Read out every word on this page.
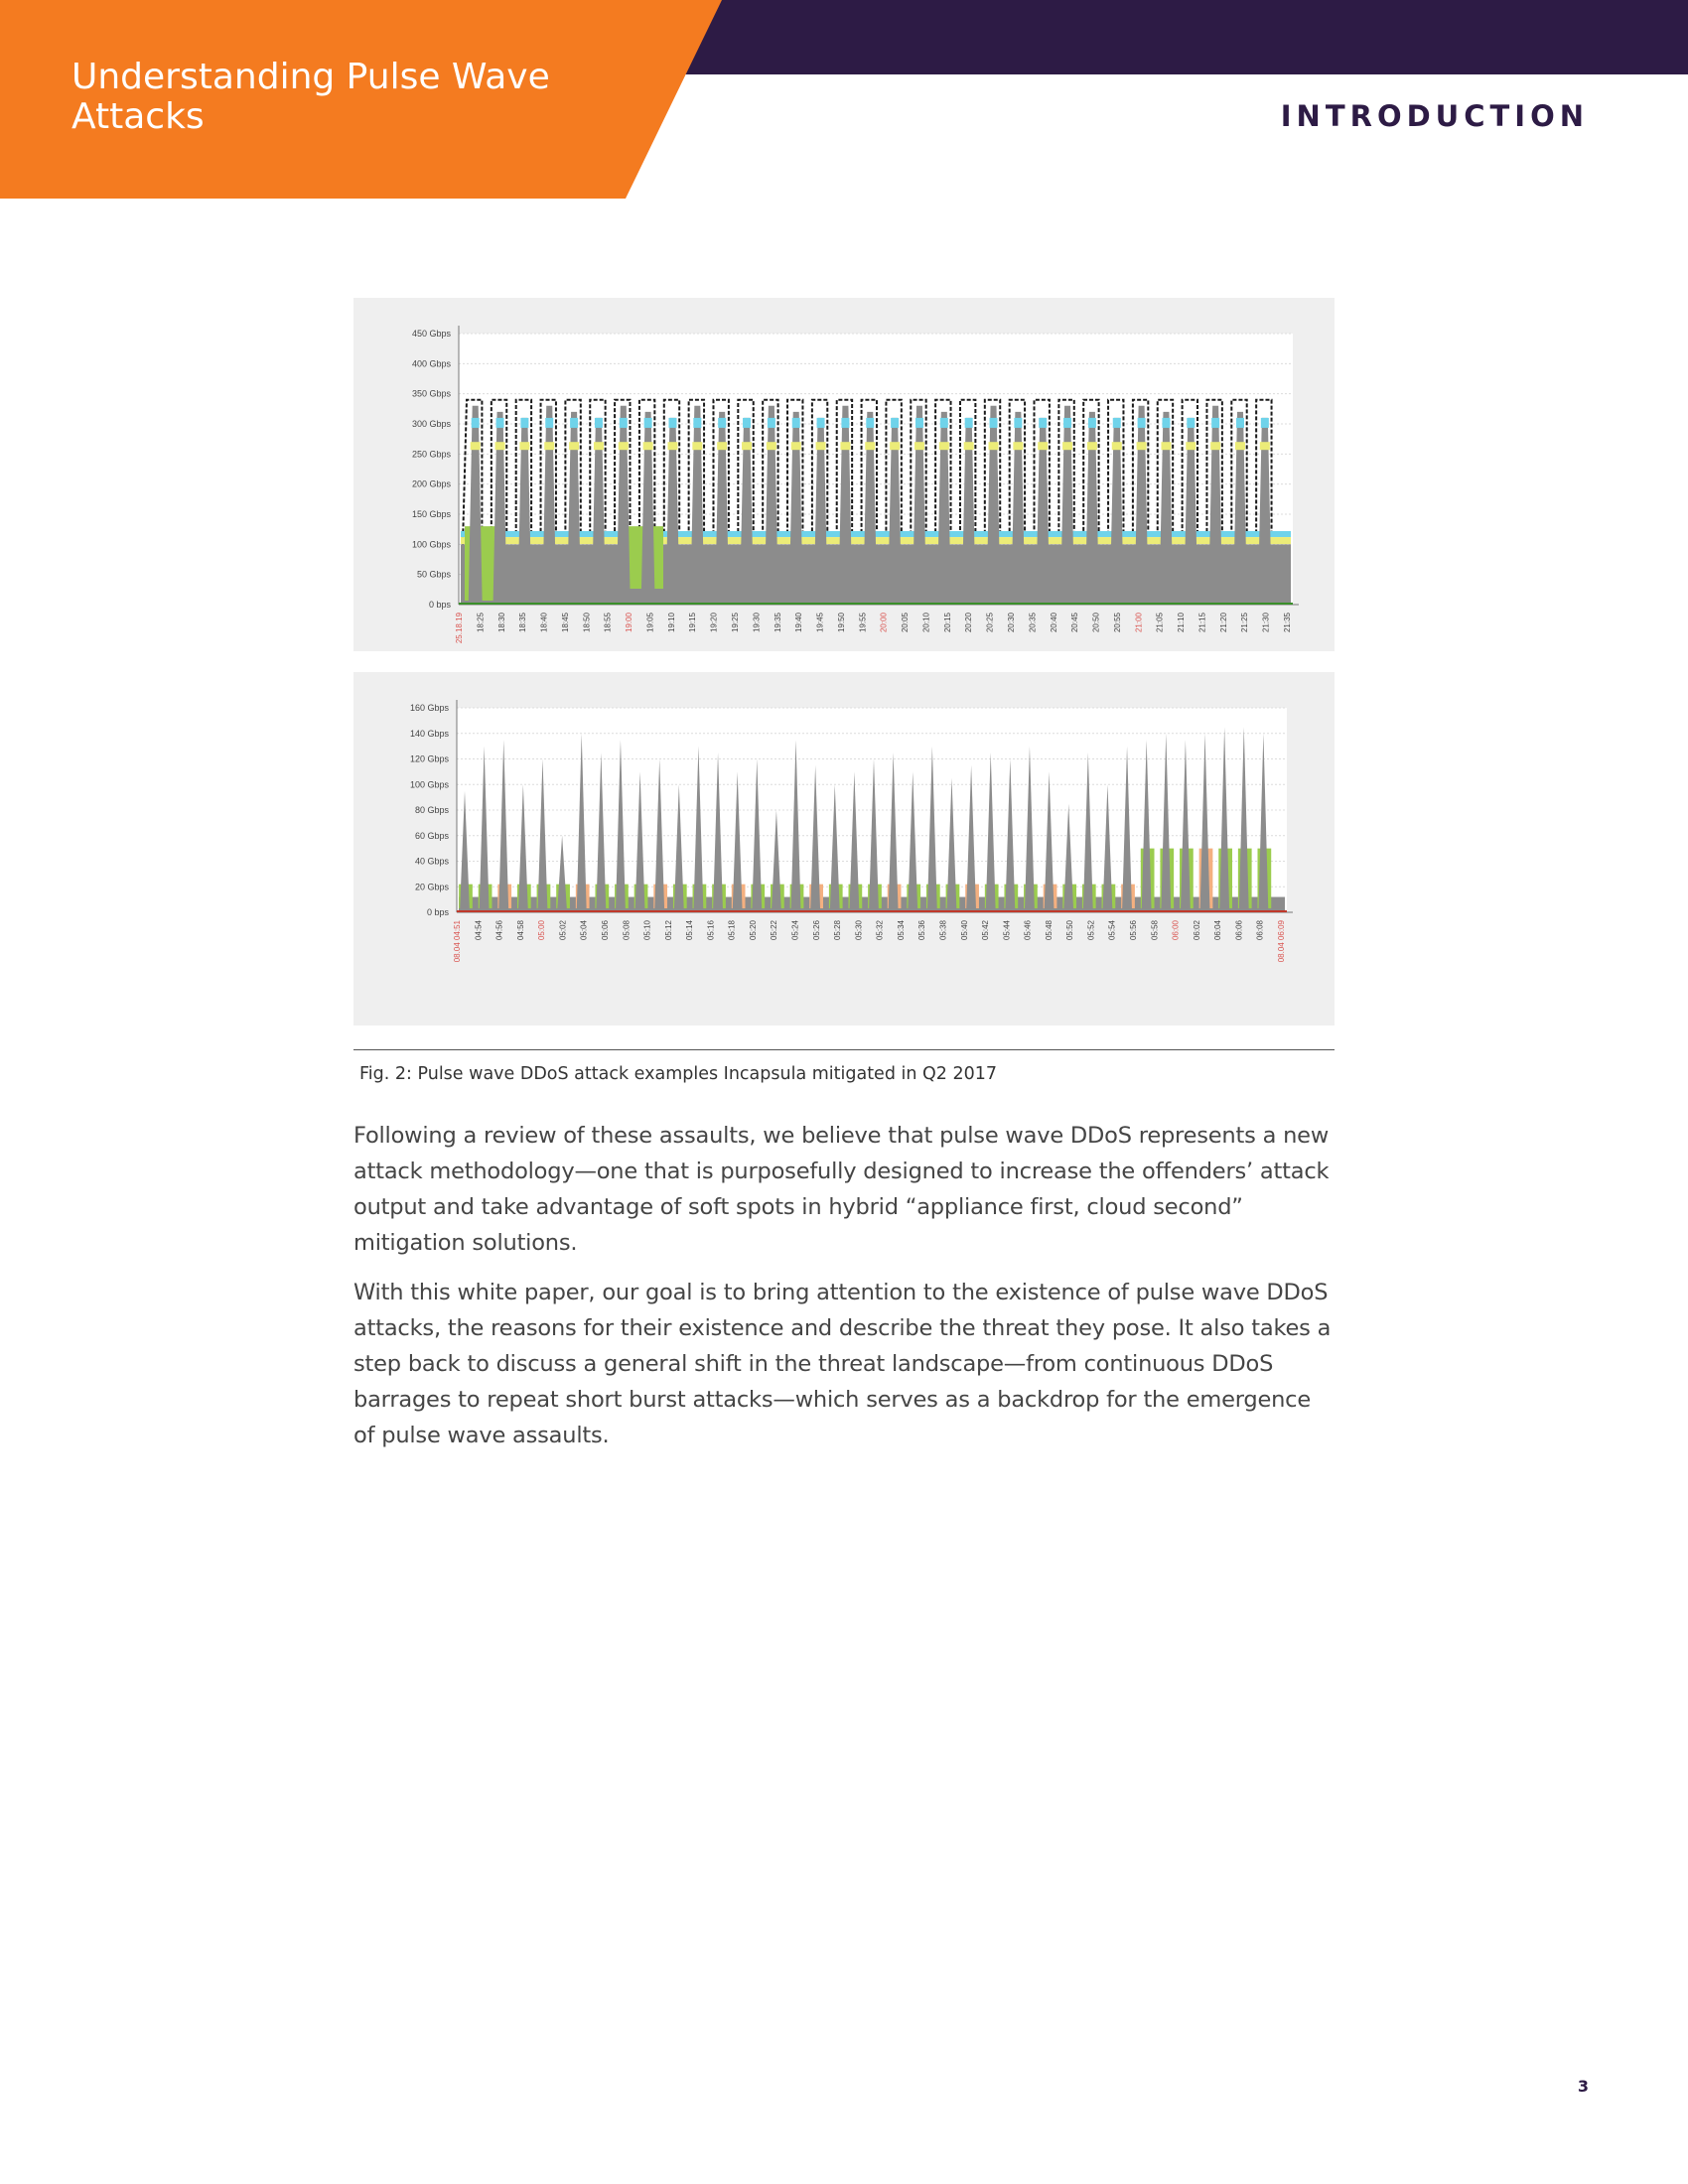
Understanding Pulse Wave Attacks	INTRODUCTION
450 Gbps
400 Gbps
350 Gbps
300 Gbps
250 Gbps
200 Gbps
150 Gbps
100 Gbps
50 Gbps
0 bps
25.18.19 18:25 18:30 18:35 18:40 18:45 18:50 18:55 19:00 19:05 19:10 19:15 19:20 19:25 19:30 19:35 19:40 19:45 19:50 19:55 20:00 20:05 20:10 20:15 20:20 20:25 20:30 20:35 20:40 20:45 20:50 20:55 21:00 21:05 21:10 21:15 21:20 21:25 21:30 21:35
160 Gbps
140 Gbps
120 Gbps
100 Gbps
80 Gbps
60 Gbps
40 Gbps
20 Gbps
0 bps
08.04 04:51 04:54 04:56 04:58 05:00 05:02 05:04 05:06 05:08 05:10 05:12 05:14 05:16 05:18 05:20 05:22 05:24 05:26 05:28 05:30 05:32 05:34 05:36 05:38 05:40 05:42 05:44 05:46 05:48 05:50 05:52 05:54 05:56 05:58 06:00 06:02 06:04 06:06 06:08 08.04 06:09
Fig. 2: Pulse wave DDoS attack examples Incapsula mitigated in Q2 2017

Following a review of these assaults, we believe that pulse wave DDoS represents a new attack methodology—one that is purposefully designed to increase the offenders’ attack output and take advantage of soft spots in hybrid “appliance first, cloud second” mitigation solutions.

With this white paper, our goal is to bring attention to the existence of pulse wave DDoS attacks, the reasons for their existence and describe the threat they pose. It also takes a step back to discuss a general shift in the threat landscape—from continuous DDoS barrages to repeat short burst attacks—which serves as a backdrop for the emergence of pulse wave assaults.

3
